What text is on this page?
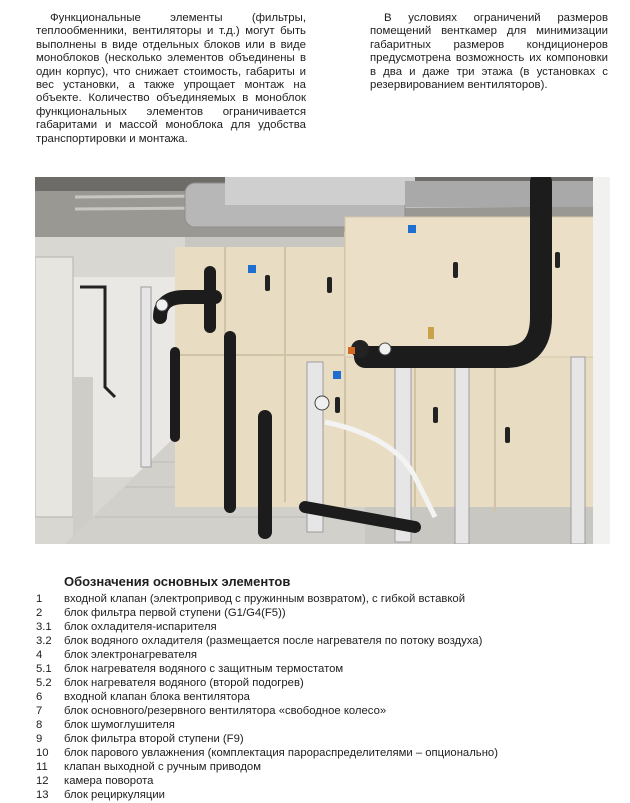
Функциональные элементы (фильтры, теплообменники, вентиляторы и т.д.) могут быть выполнены в виде отдельных блоков или в виде моноблоков (несколько элементов объединены в один корпус), что снижает стоимость, габариты и вес установки, а также упрощает монтаж на объекте. Количество объединяемых в моноблок функциональных элементов ограничивается габаритами и массой моноблока для удобства транспортировки и монтажа.

В условиях ограничений размеров помещений венткамер для минимизации габаритных размеров кондиционеров предусмотрена возможность их компоновки в два и даже три этажа (в установках с резервированием вентиляторов).

Обозначения основных элементов
1	входной клапан (электропривод с пружинным возвратом), с гибкой вставкой
2	блок фильтра первой ступени (G1/G4(F5))
3.1	блок охладителя-испарителя
3.2	блок водяного охладителя (размещается после нагревателя по потоку воздуха)
4	блок электронагревателя
5.1	блок нагревателя водяного с защитным термостатом
5.2	блок нагревателя водяного (второй подогрев)
6	входной клапан блока вентилятора
7	блок основного/резервного вентилятора «свободное колесо»
8	блок шумоглушителя
9	блок фильтра второй ступени (F9)
10	блок парового увлажнения (комплектация парораспределителями – опционально)
11	клапан выходной с ручным приводом
12	камера поворота
13	блок рециркуляции
